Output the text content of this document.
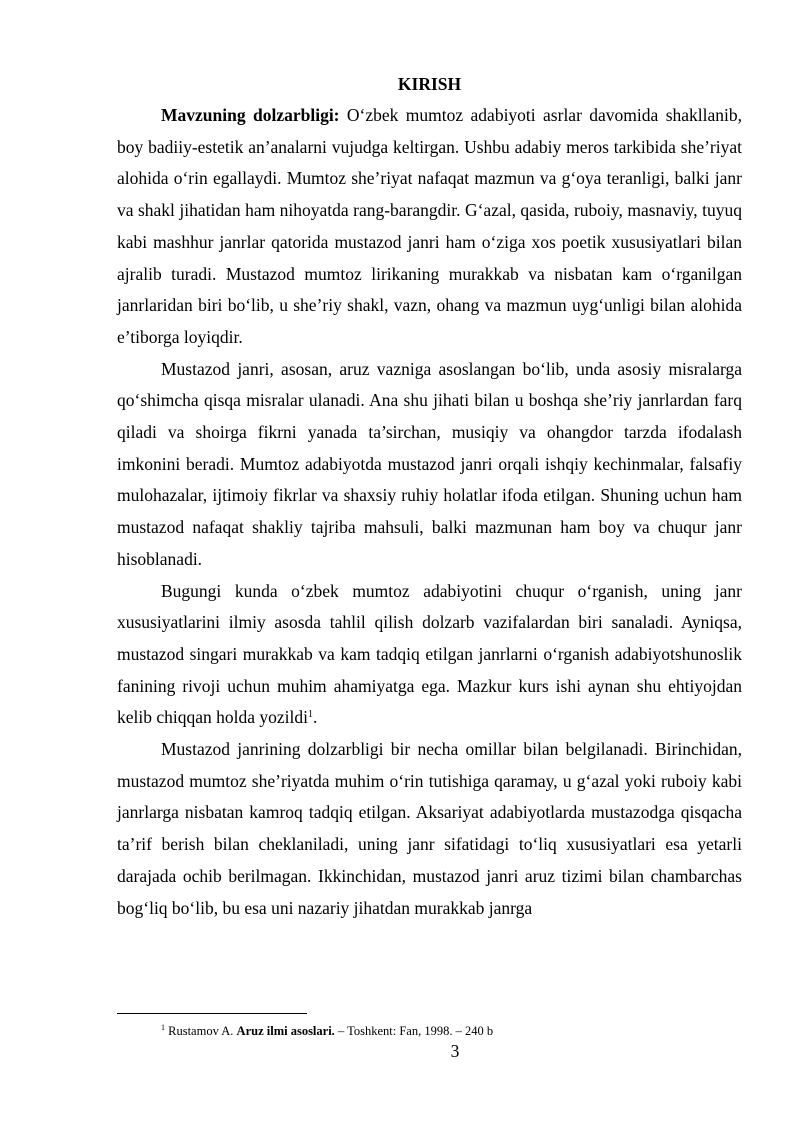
KIRISH

Mavzuning dolzarbligi: O‘zbek mumtoz adabiyoti asrlar davomida shakllanib, boy badiiy-estetik an’analarni vujudga keltirgan. Ushbu adabiy meros tarkibida she’riyat alohida o‘rin egallaydi. Mumtoz she’riyat nafaqat mazmun va g‘oya teranligi, balki janr va shakl jihatidan ham nihoyatda rang-barangdir. G‘azal, qasida, ruboiy, masnaviy, tuyuq kabi mashhur janrlar qatorida mustazod janri ham o‘ziga xos poetik xususiyatlari bilan ajralib turadi. Mustazod mumtoz lirikaning murakkab va nisbatan kam o‘rganilgan janrlaridan biri bo‘lib, u she’riy shakl, vazn, ohang va mazmun uyg‘unligi bilan alohida e’tiborga loyiqdir.

Mustazod janri, asosan, aruz vazniga asoslangan bo‘lib, unda asosiy misralarga qo‘shimcha qisqa misralar ulanadi. Ana shu jihati bilan u boshqa she’riy janrlardan farq qiladi va shoirga fikrni yanada ta’sirchan, musiqiy va ohangdor tarzda ifodalash imkonini beradi. Mumtoz adabiyotda mustazod janri orqali ishqiy kechinmalar, falsafiy mulohazalar, ijtimoiy fikrlar va shaxsiy ruhiy holatlar ifoda etilgan. Shuning uchun ham mustazod nafaqat shakliy tajriba mahsuli, balki mazmunan ham boy va chuqur janr hisoblanadi.

Bugungi kunda o‘zbek mumtoz adabiyotini chuqur o‘rganish, uning janr xususiyatlarini ilmiy asosda tahlil qilish dolzarb vazifalardan biri sanaladi. Ayniqsa, mustazod singari murakkab va kam tadqiq etilgan janrlarni o‘rganish adabiyotshunoslik fanining rivoji uchun muhim ahamiyatga ega. Mazkur kurs ishi aynan shu ehtiyojdan kelib chiqqan holda yozildi$^1$.

Mustazod janrining dolzarbligi bir necha omillar bilan belgilanadi. Birinchidan, mustazod mumtoz she’riyatda muhim o‘rin tutishiga qaramay, u g‘azal yoki ruboiy kabi janrlarga nisbatan kamroq tadqiq etilgan. Aksariyat adabiyotlarda mustazodga qisqacha ta’rif berish bilan cheklaniladi, uning janr sifatidagi to‘liq xususiyatlari esa yetarli darajada ochib berilmagan. Ikkinchidan, mustazod janri aruz tizimi bilan chambarchas bog‘liq bo‘lib, bu esa uni nazariy jihatdan murakkab janrga

$^1$ Rustamov A. Aruz ilmi asoslari. – Toshkent: Fan, 1998. – 240 b
3
